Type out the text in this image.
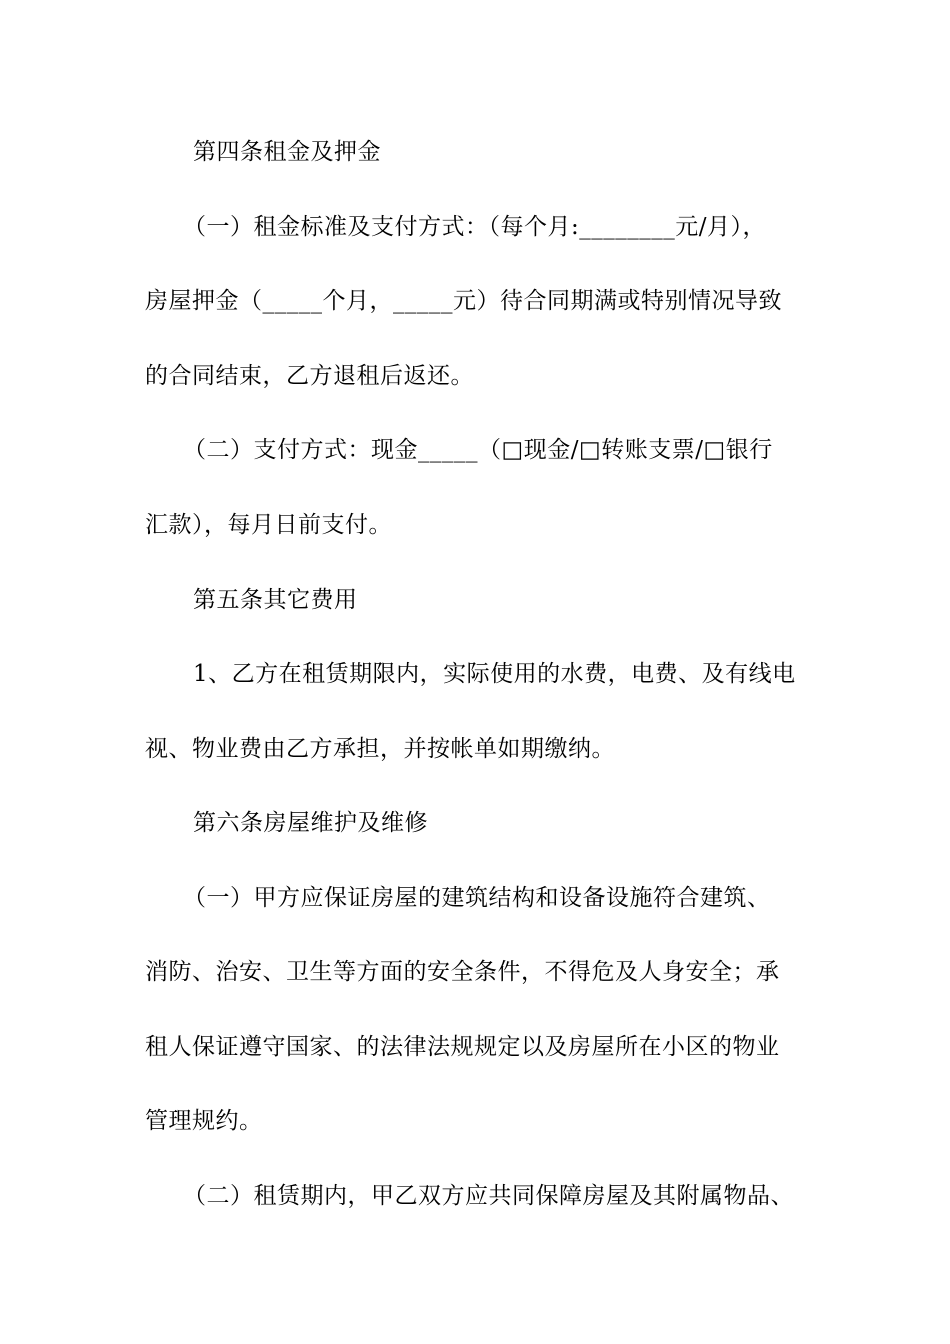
第四条租金及押金
（一）租金标准及支付方式：（每个月:________元/月），
房屋押金（_____个月，_____元）待合同期满或特别情况导致
的合同结束，乙方退租后返还。
（二）支付方式：现金_____（□现金/□转账支票/□银行
汇款），每月日前支付。
第五条其它费用
1、乙方在租赁期限内，实际使用的水费，电费、及有线电
视、物业费由乙方承担，并按帐单如期缴纳。
第六条房屋维护及维修
（一）甲方应保证房屋的建筑结构和设备设施符合建筑、
消防、治安、卫生等方面的安全条件，不得危及人身安全；承
租人保证遵守国家、的法律法规规定以及房屋所在小区的物业
管理规约。
（二）租赁期内，甲乙双方应共同保障房屋及其附属物品、
